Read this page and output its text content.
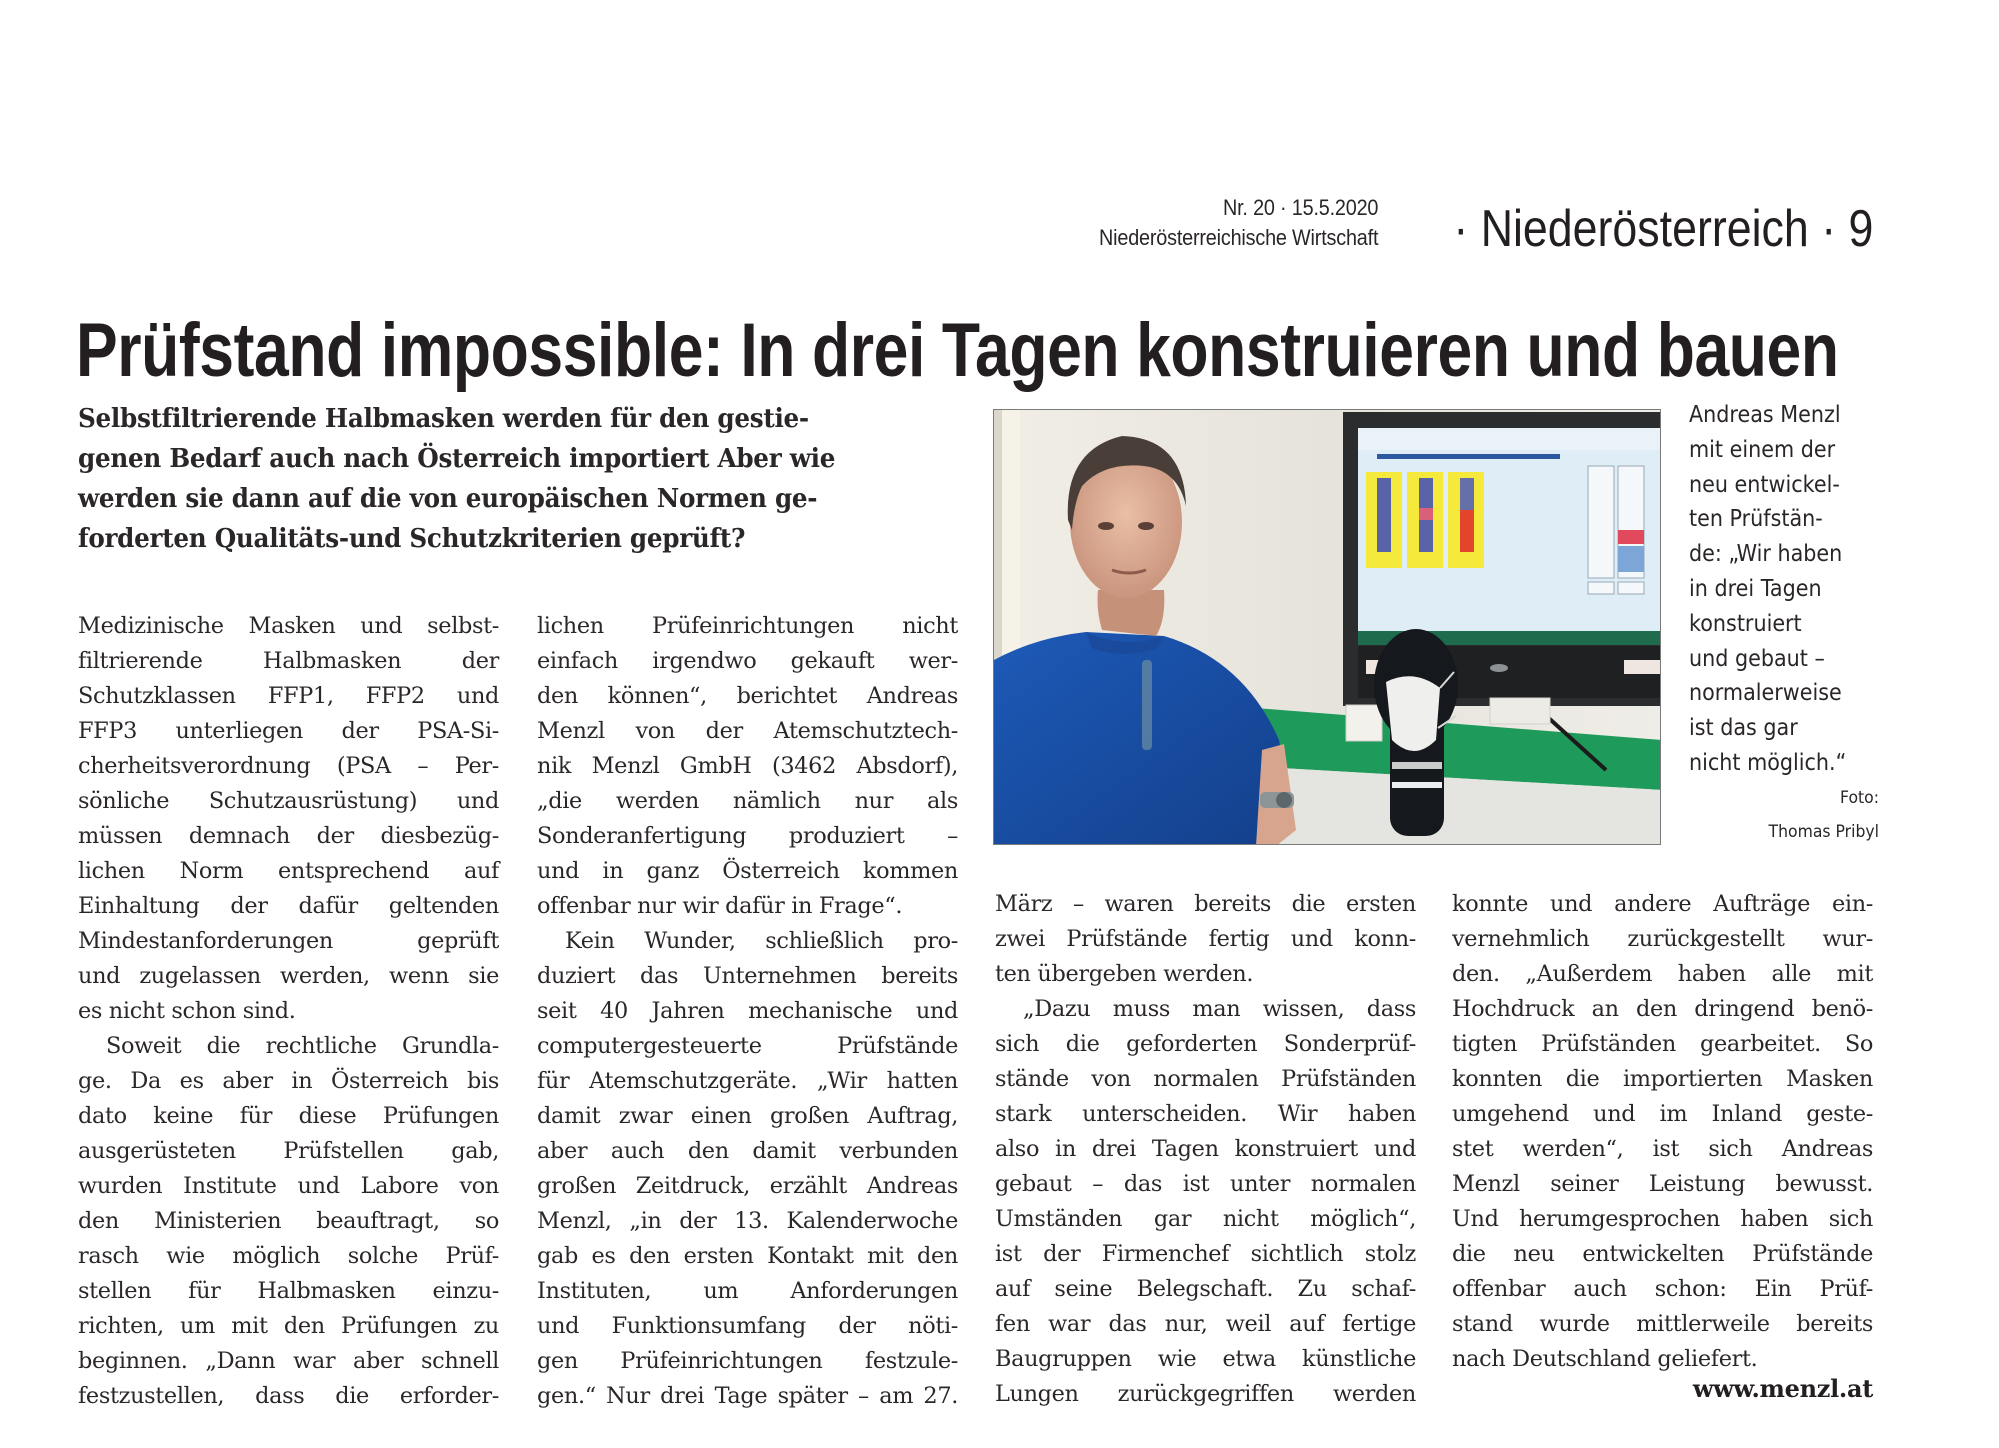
Nr. 20 · 15.5.2020
Niederösterreichische Wirtschaft · Niederösterreich · 9
Prüfstand impossible: In drei Tagen konstruieren und bauen
Selbstfiltrierende Halbmasken werden für den gestie-
genen Bedarf auch nach Österreich importiert Aber wie
werden sie dann auf die von europäischen Normen ge-
forderten Qualitäts-und Schutzkriterien geprüft?
Andreas Menzl
mit einem der
neu entwickel-
ten Prüfstän-
de: „Wir haben
in drei Tagen
konstruiert
und gebaut –
normalerweise
ist das gar
nicht möglich.“
Foto:
Thomas Pribyl
Medizinische Masken und selbst-
filtrierende Halbmasken der
Schutzklassen FFP1, FFP2 und
FFP3 unterliegen der PSA-Si-
cherheitsverordnung (PSA – Per-
sönliche Schutzausrüstung) und
müssen demnach der diesbezüg-
lichen Norm entsprechend auf
Einhaltung der dafür geltenden
Mindestanforderungen geprüft
und zugelassen werden, wenn sie
es nicht schon sind.
Soweit die rechtliche Grundla-
ge. Da es aber in Österreich bis
dato keine für diese Prüfungen
ausgerüsteten Prüfstellen gab,
wurden Institute und Labore von
den Ministerien beauftragt, so
rasch wie möglich solche Prüf-
stellen für Halbmasken einzu-
richten, um mit den Prüfungen zu
beginnen. „Dann war aber schnell
festzustellen, dass die erforder-
lichen Prüfeinrichtungen nicht
einfach irgendwo gekauft wer-
den können“, berichtet Andreas
Menzl von der Atemschutztech-
nik Menzl GmbH (3462 Absdorf),
„die werden nämlich nur als
Sonderanfertigung produziert –
und in ganz Österreich kommen
offenbar nur wir dafür in Frage“.
Kein Wunder, schließlich pro-
duziert das Unternehmen bereits
seit 40 Jahren mechanische und
computergesteuerte Prüfstände
für Atemschutzgeräte. „Wir hatten
damit zwar einen großen Auftrag,
aber auch den damit verbunden
großen Zeitdruck, erzählt Andreas
Menzl, „in der 13. Kalenderwoche
gab es den ersten Kontakt mit den
Instituten, um Anforderungen
und Funktionsumfang der nöti-
gen Prüfeinrichtungen festzule-
gen.“ Nur drei Tage später – am 27.
März – waren bereits die ersten
zwei Prüfstände fertig und konn-
ten übergeben werden.
„Dazu muss man wissen, dass
sich die geforderten Sonderprüf-
stände von normalen Prüfständen
stark unterscheiden. Wir haben
also in drei Tagen konstruiert und
gebaut – das ist unter normalen
Umständen gar nicht möglich“,
ist der Firmenchef sichtlich stolz
auf seine Belegschaft. Zu schaf-
fen war das nur, weil auf fertige
Baugruppen wie etwa künstliche
Lungen zurückgegriffen werden
konnte und andere Aufträge ein-
vernehmlich zurückgestellt wur-
den. „Außerdem haben alle mit
Hochdruck an den dringend benö-
tigten Prüfständen gearbeitet. So
konnten die importierten Masken
umgehend und im Inland geste-
stet werden“, ist sich Andreas
Menzl seiner Leistung bewusst.
Und herumgesprochen haben sich
die neu entwickelten Prüfstände
offenbar auch schon: Ein Prüf-
stand wurde mittlerweile bereits
nach Deutschland geliefert.
www.menzl.at
